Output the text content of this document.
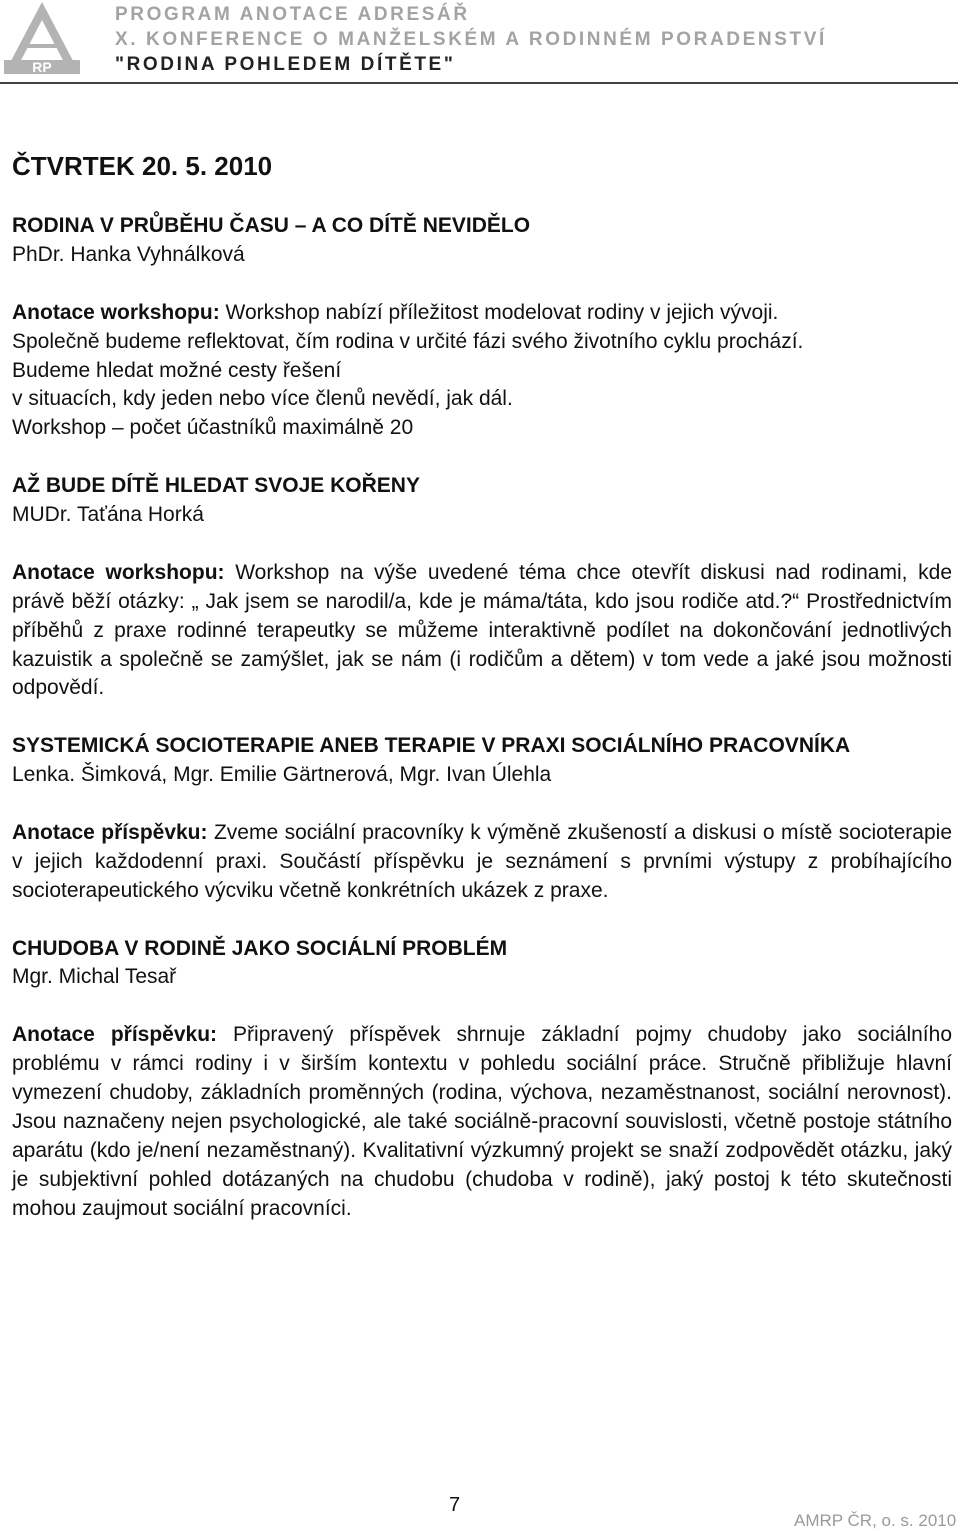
RP
PROGRAM ANOTACE ADRESÁŘ
X. KONFERENCE O MANŽELSKÉM A RODINNÉM PORADENSTVÍ
"RODINA POHLEDEM DÍTĚTE"

ČTVRTEK 20. 5. 2010

RODINA V PRŮBĚHU ČASU – A CO DÍTĚ NEVIDĚLO

PhDr. Hanka Vyhnálková

Anotace workshopu: Workshop nabízí příležitost modelovat rodiny v jejich vývoji.

Společně budeme reflektovat, čím rodina v určité fázi svého životního cyklu prochází.

Budeme hledat možné cesty řešení

v situacích, kdy jeden nebo více členů nevědí, jak dál.

Workshop – počet účastníků maximálně 20

AŽ BUDE DÍTĚ HLEDAT SVOJE KOŘENY

MUDr. Taťána Horká

Anotace workshopu: Workshop na výše uvedené téma chce otevřít diskusi nad rodinami, kde právě běží otázky: „ Jak jsem se narodil/a, kde je máma/táta, kdo jsou rodiče atd.?“ Prostřednictvím příběhů z praxe rodinné terapeutky se můžeme interaktivně podílet na dokončování jednotlivých kazuistik a společně se zamýšlet, jak se nám (i rodičům a dětem) v tom vede a jaké jsou možnosti odpovědí.

SYSTEMICKÁ SOCIOTERAPIE ANEB TERAPIE V PRAXI SOCIÁLNÍHO PRACOVNÍKA

Lenka. Šimková, Mgr. Emilie Gärtnerová, Mgr. Ivan Úlehla

Anotace příspěvku: Zveme sociální pracovníky k výměně zkušeností a diskusi o místě socioterapie v jejich každodenní praxi. Součástí příspěvku je seznámení s prvními výstupy z probíhajícího socioterapeutického výcviku včetně konkrétních ukázek z praxe.

CHUDOBA V RODINĚ JAKO SOCIÁLNÍ PROBLÉM

Mgr. Michal Tesař

Anotace příspěvku: Připravený příspěvek shrnuje základní pojmy chudoby jako sociálního problému v rámci rodiny i v širším kontextu v pohledu sociální práce. Stručně přibližuje hlavní vymezení chudoby, základních proměnných (rodina, výchova, nezaměstnanost, sociální nerovnost). Jsou naznačeny nejen psychologické, ale také sociálně-pracovní souvislosti, včetně postoje státního aparátu (kdo je/není nezaměstnaný). Kvalitativní výzkumný projekt se snaží zodpovědět otázku, jaký je subjektivní pohled dotázaných na chudobu (chudoba v rodině), jaký postoj k této skutečnosti mohou zaujmout sociální pracovníci.

7
AMRP ČR, o. s. 2010
